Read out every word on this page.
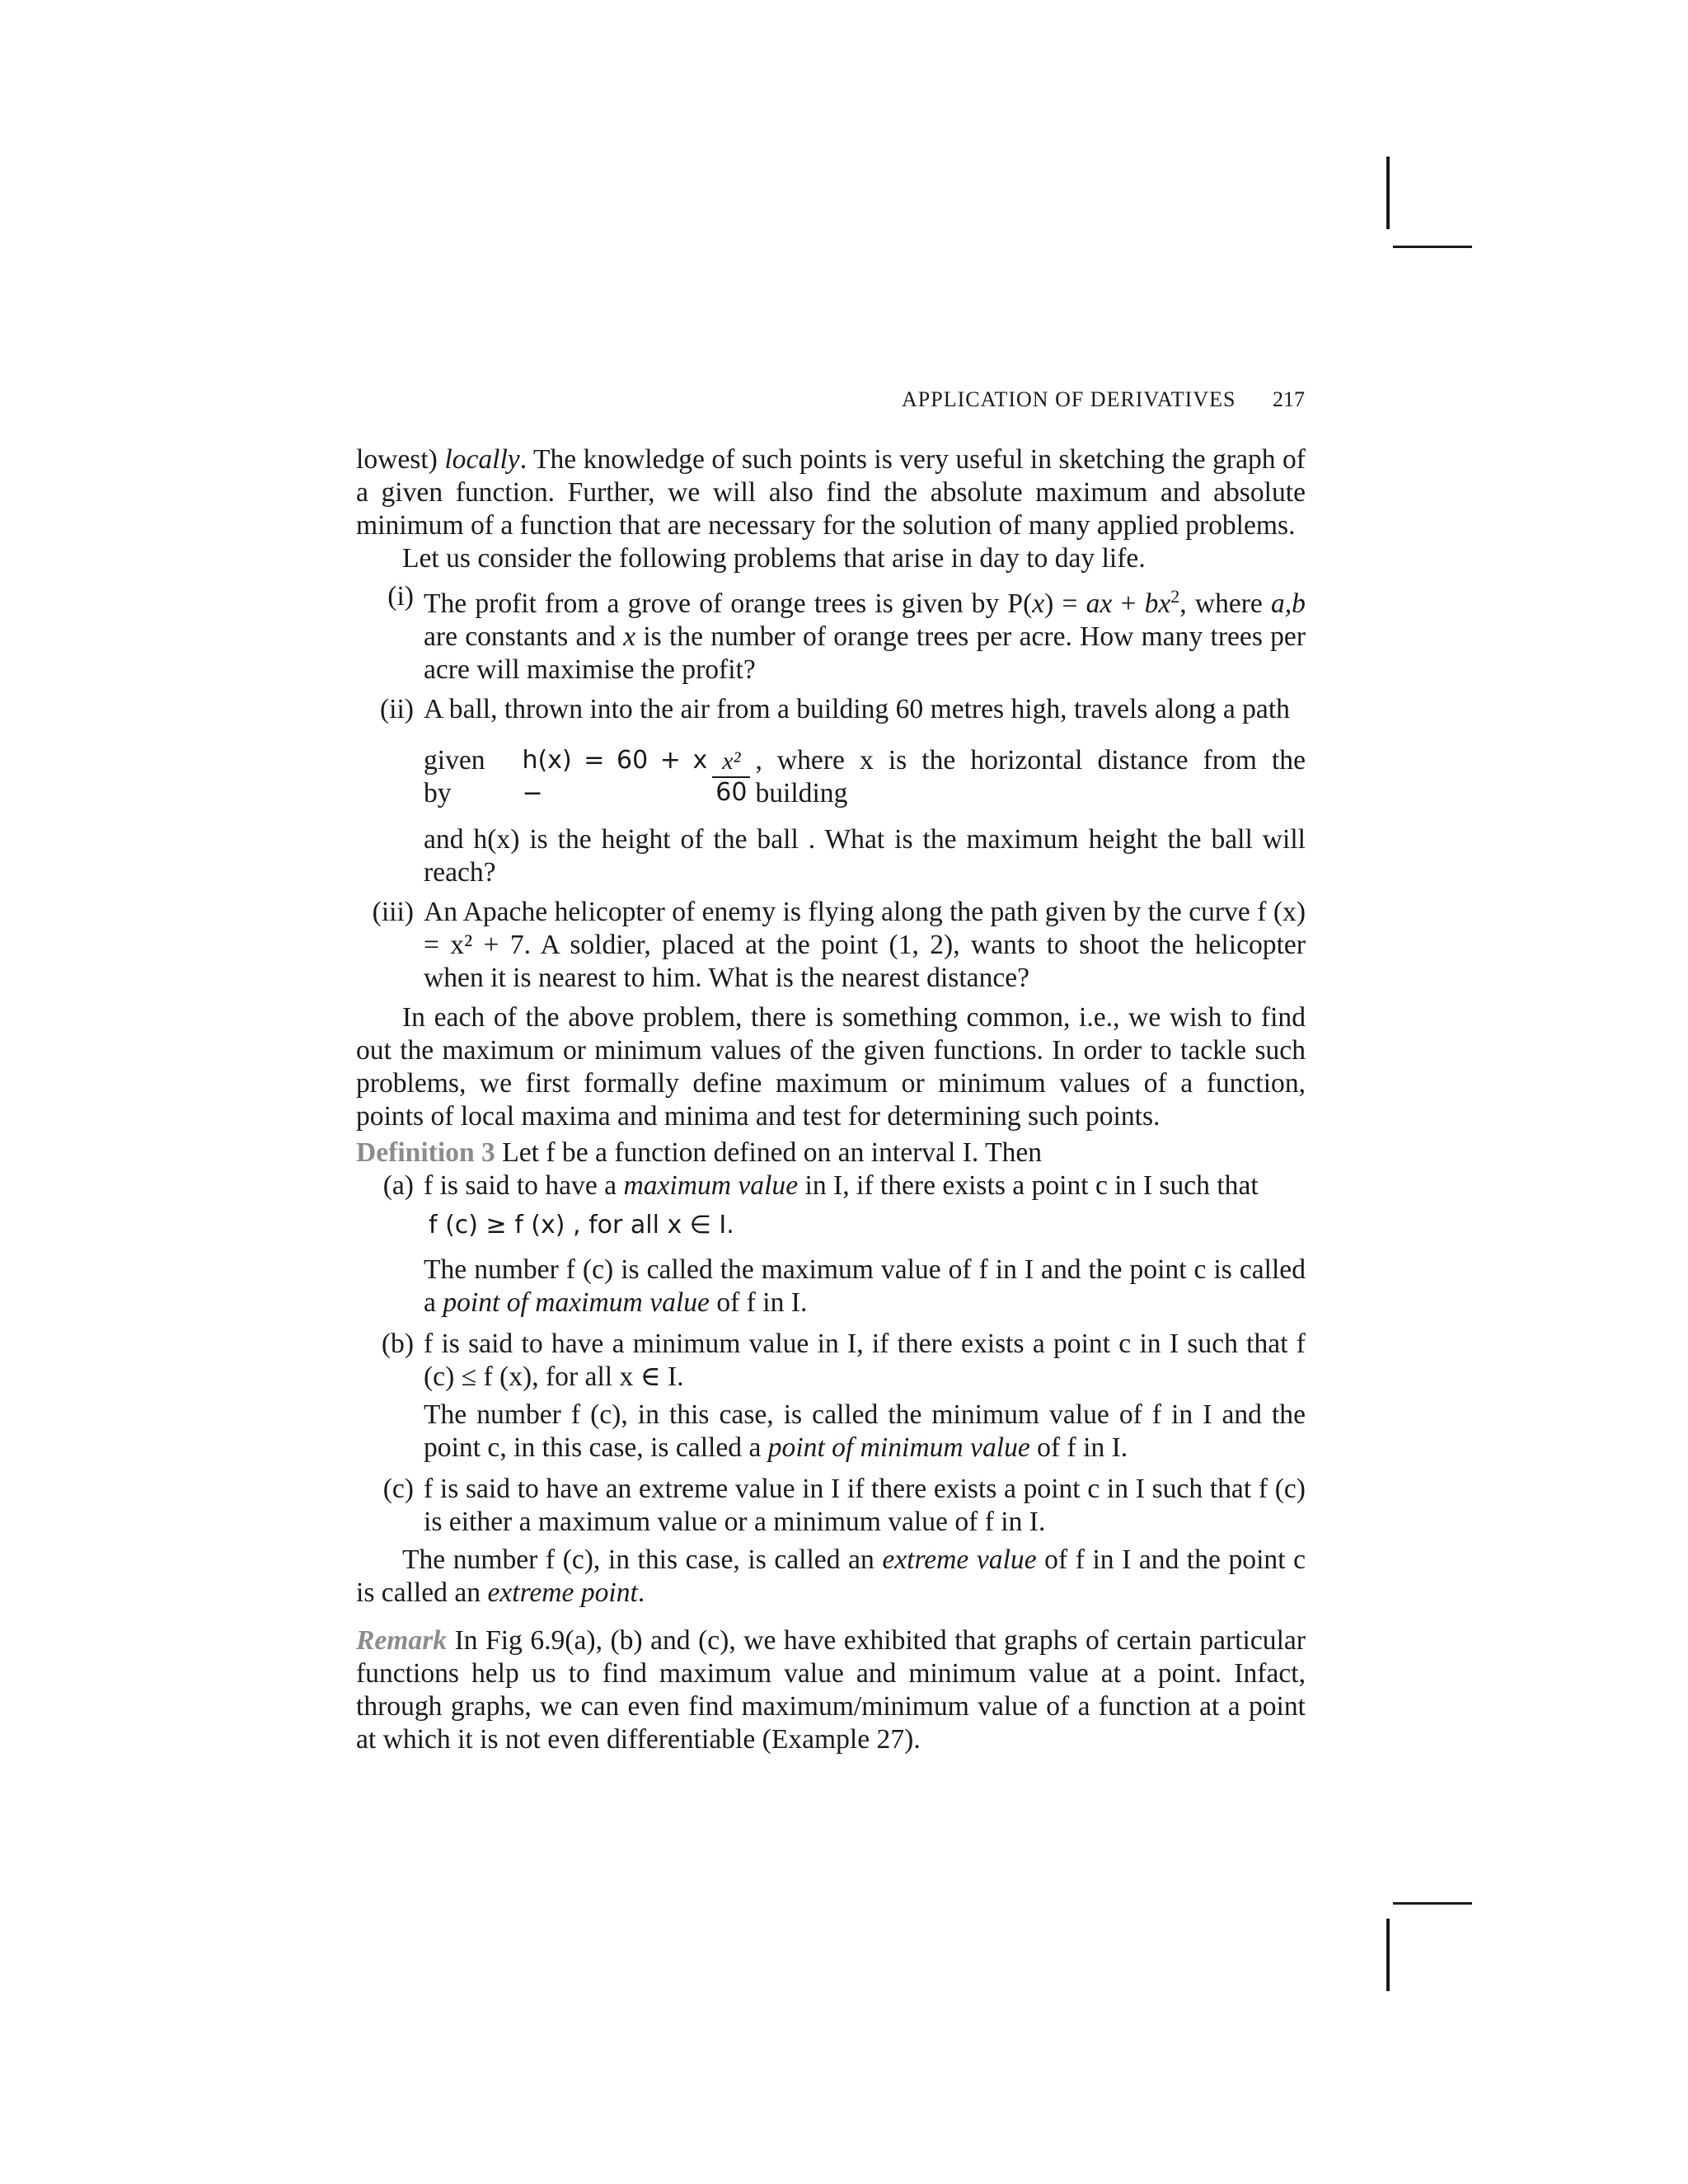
APPLICATION OF DERIVATIVES	217

lowest) locally. The knowledge of such points is very useful in sketching the graph of a given function. Further, we will also find the absolute maximum and absolute minimum of a function that are necessary for the solution of many applied problems.

Let us consider the following problems that arise in day to day life.

(i) The profit from a grove of orange trees is given by P(x) = ax + $bx^2$, where a,b are constants and x is the number of orange trees per acre. How many trees per acre will maximise the profit?

(ii) A ball, thrown into the air from a building 60 metres high, travels along a path

given by
h(x) = 60 + x −	$\frac{\text{x²}}{60}$ , where x is the horizontal distance from the building

and h(x) is the height of the ball . What is the maximum height the ball will reach?

(iii) An Apache helicopter of enemy is flying along the path given by the curve f (x) = x² + 7. A soldier, placed at the point (1, 2), wants to shoot the helicopter when it is nearest to him. What is the nearest distance?

In each of the above problem, there is something common, i.e., we wish to find out the maximum or minimum values of the given functions. In order to tackle such problems, we first formally define maximum or minimum values of a function, points of local maxima and minima and test for determining such points.

Definition 3 Let f be a function defined on an interval I. Then

(a) f is said to have a maximum value in I, if there exists a point c in I such that

f (c) ≥ f (x) , for all x ∈ I.

The number f (c) is called the maximum value of f in I and the point c is called a point of maximum value of f in I.

(b) f is said to have a minimum value in I, if there exists a point c in I such that f (c) ≤ f (x), for all x ∈ I.

The number f (c), in this case, is called the minimum value of f in I and the point c, in this case, is called a point of minimum value of f in I.

(c) f is said to have an extreme value in I if there exists a point c in I such that f (c) is either a maximum value or a minimum value of f in I.

The number f (c), in this case, is called an extreme value of f in I and the point c is called an extreme point.

Remark In Fig 6.9(a), (b) and (c), we have exhibited that graphs of certain particular functions help us to find maximum value and minimum value at a point. Infact, through graphs, we can even find maximum/minimum value of a function at a point at which it is not even differentiable (Example 27).
